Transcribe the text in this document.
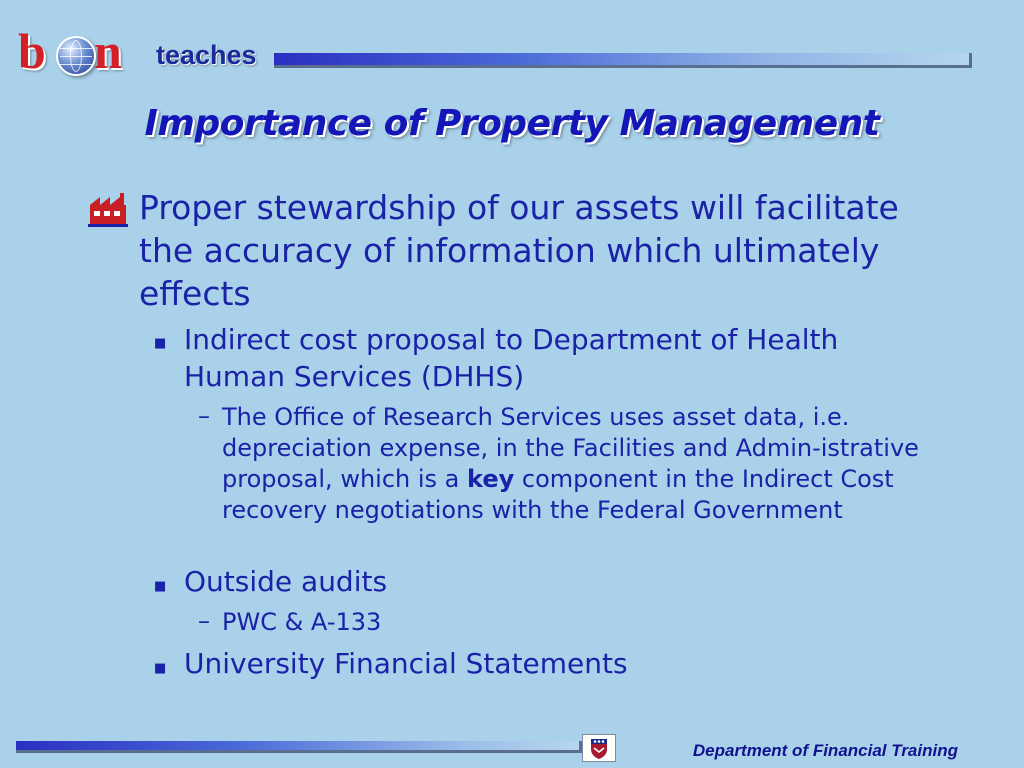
b n teaches
Importance of Property Management
Proper stewardship of our assets will facilitate the accuracy of information which ultimately effects
■ Indirect cost proposal to Department of Health Human Services (DHHS)
– The Office of Research Services uses asset data, i.e. depreciation expense, in the Facilities and Admin-istrative proposal, which is a key component in the Indirect Cost recovery negotiations with the Federal Government
■ Outside audits
– PWC & A-133
■ University Financial Statements
Department of Financial Training
